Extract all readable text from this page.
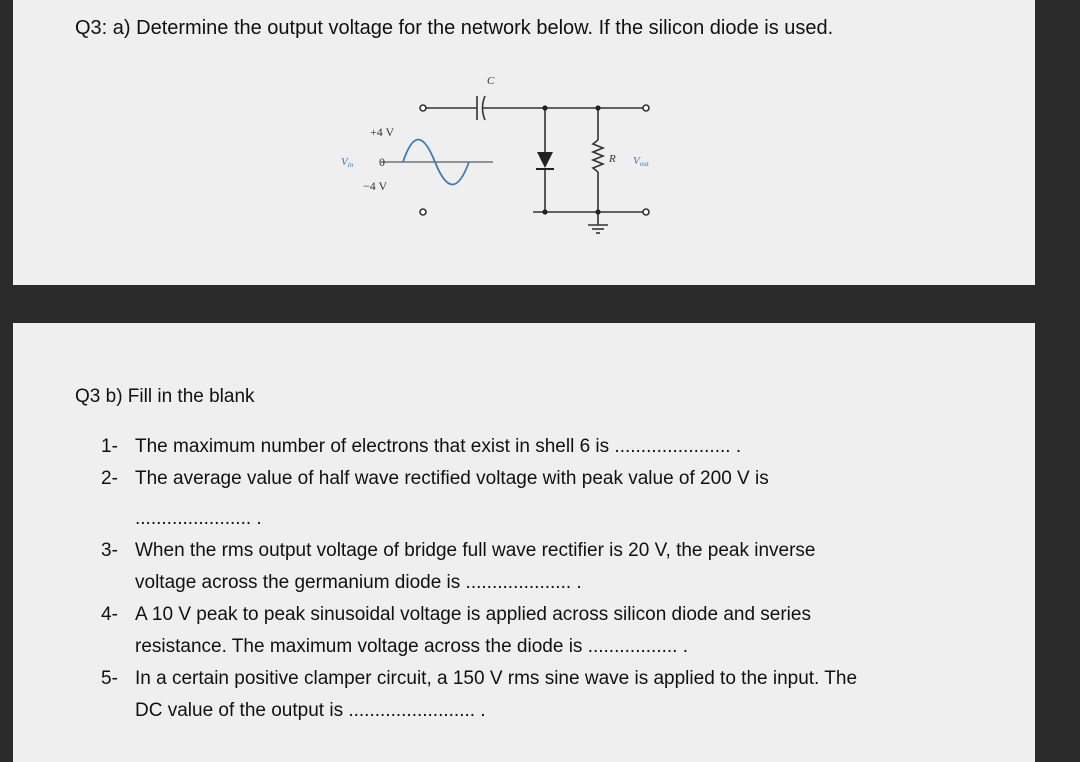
Q3: a) Determine the output voltage for the network below. If the silicon diode is used.
C
R
+4 V
0
−4 V
Vin	Vout
Q3 b) Fill in the blank
1- The maximum number of electrons that exist in shell 6 is ...................... .
2- The average value of half wave rectified voltage with peak value of 200 V is
...................... .
3- When the rms output voltage of bridge full wave rectifier is 20 V, the peak inverse
voltage across the germanium diode is .................... .
4- A 10 V peak to peak sinusoidal voltage is applied across silicon diode and series
resistance. The maximum voltage across the diode is ................. .
5- In a certain positive clamper circuit, a 150 V rms sine wave is applied to the input. The
DC value of the output is ........................ .
